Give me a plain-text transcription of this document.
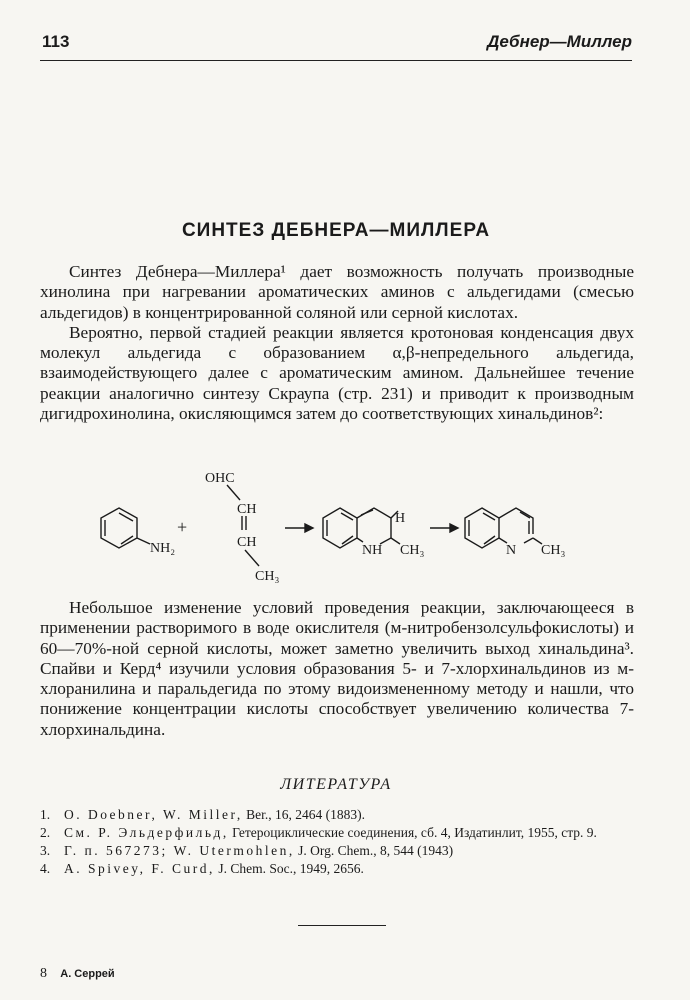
113	Дебнер—Миллер
СИНТЕЗ ДЕБНЕРА—МИЛЛЕРА

Синтез Дебнера—Миллера¹ дает возможность получать производные хинолина при нагревании ароматических аминов с альдегидами (смесью альдегидов) в концентрированной соляной или серной кислотах.

Вероятно, первой стадией реакции является кротоновая конденсация двух молекул альдегида с образованием α,β-непредельного альдегида, взаимодействующего далее с ароматическим амином. Дальнейшее течение реакции аналогично синтезу Скраупа (стр. 231) и приводит к производным дигидрохинолина, окисляющимся затем до соответствующих хинальдинов²:

NH₂
+
OHC
CH
CH
CH₃
H
NH CH₃	N CH₃

Небольшое изменение условий проведения реакции, заключающееся в применении растворимого в воде окислителя (м-нитробензолсульфокислоты) и 60—70%-ной серной кислоты, может заметно увеличить выход хинальдина³. Спайви и Керд⁴ изучили условия образования 5- и 7-хлорхинальдинов из м-хлоранилина и паральдегида по этому видоизмененному методу и нашли, что понижение концентрации кислоты способствует увеличению количества 7-хлорхинальдина.

ЛИТЕРАТУРА
1. O. Doebner, W. Miller, Ber., 16, 2464 (1883).
2. См. Р. Эльдерфильд, Гетероциклические соединения, сб. 4, Издатинлит, 1955, стр. 9.
3. Г. п. 567273; W. Utermohlen, J. Org. Chem., 8, 544 (1943)
4. A. Spivey, F. Curd, J. Chem. Soc., 1949, 2656.
8 А. Серрей
